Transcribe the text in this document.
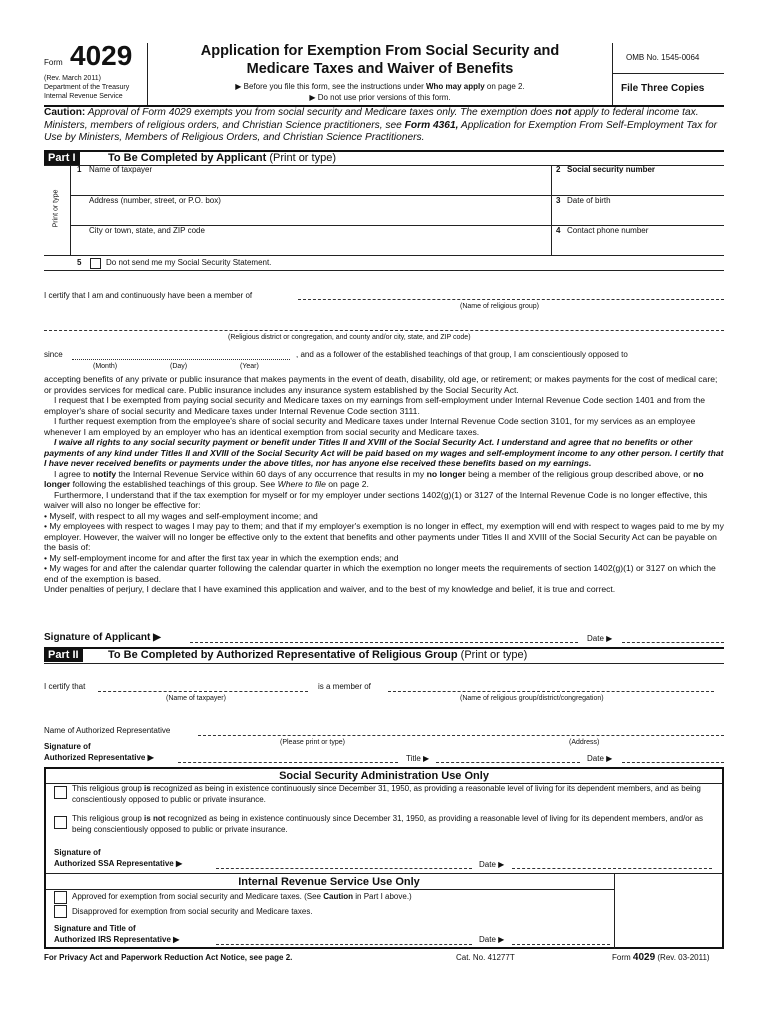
Form 4029
(Rev. March 2011)
Department of the Treasury
Internal Revenue Service
Application for Exemption From Social Security and
Medicare Taxes and Waiver of Benefits
▶ Before you file this form, see the instructions under Who may apply on page 2.
▶ Do not use prior versions of this form.
OMB No. 1545-0064
File Three Copies
Caution: Approval of Form 4029 exempts you from social security and Medicare taxes only. The exemption does not apply to federal income tax. Ministers, members of religious orders, and Christian Science practitioners, see Form 4361, Application for Exemption From Self-Employment Tax for Use by Ministers, Members of Religious Orders, and Christian Science Practitioners.
Part I	To Be Completed by Applicant (Print or type)
Print or type
1 Name of taxpayer	2 Social security number
Address (number, street, or P.O. box)	3 Date of birth
City or town, state, and ZIP code	4 Contact phone number
5	Do not send me my Social Security Statement.
I certify that I am and continuously have been a member of
(Name of religious group)
(Religious district or congregation, and county and/or city, state, and ZIP code)
since	, and as a follower of the established teachings of that group, I am conscientiously opposed to
(Month)	(Day)	(Year)
accepting benefits of any private or public insurance that makes payments in the event of death, disability, old age, or retirement; or makes payments for the cost of medical care; or provides services for medical care. Public insurance includes any insurance system established by the Social Security Act.
I request that I be exempted from paying social security and Medicare taxes on my earnings from self-employment under Internal Revenue Code section 1401 and from the employer's share of social security and Medicare taxes under Internal Revenue Code section 3111.
I further request exemption from the employee's share of social security and Medicare taxes under Internal Revenue Code section 3101, for my services as an employee whenever I am employed by an employer who has an identical exemption from social security and Medicare taxes.
I waive all rights to any social security payment or benefit under Titles II and XVIII of the Social Security Act. I understand and agree that no benefits or other payments of any kind under Titles II and XVIII of the Social Security Act will be paid based on my wages and self-employment income to any other person. I certify that I have never received benefits or payments under the above titles, nor has anyone else received these benefits based on my earnings.
I agree to notify the Internal Revenue Service within 60 days of any occurrence that results in my no longer being a member of the religious group described above, or no longer following the established teachings of this group. See Where to file on page 2.
Furthermore, I understand that if the tax exemption for myself or for my employer under sections 1402(g)(1) or 3127 of the Internal Revenue Code is no longer effective, this waiver will also no longer be effective for:
• Myself, with respect to all my wages and self-employment income; and
• My employees with respect to wages I may pay to them; and that if my employer's exemption is no longer in effect, my exemption will end with respect to wages paid to me by my employer. However, the waiver will no longer be effective only to the extent that benefits and other payments under Titles II and XVIII of the Social Security Act can be payable on the basis of:
• My self-employment income for and after the first tax year in which the exemption ends; and
• My wages for and after the calendar quarter following the calendar quarter in which the exemption no longer meets the requirements of section 1402(g)(1) or 3127 on which the end of the exemption is based.
Under penalties of perjury, I declare that I have examined this application and waiver, and to the best of my knowledge and belief, it is true and correct.
Signature of Applicant ▶	Date ▶
Part II	To Be Completed by Authorized Representative of Religious Group (Print or type)
I certify that	is a member of
(Name of taxpayer)	(Name of religious group/district/congregation)
Name of Authorized Representative
(Please print or type)	(Address)
Signature of
Authorized Representative ▶	Title ▶	Date ▶
Social Security Administration Use Only
This religious group is recognized as being in existence continuously since December 31, 1950, as providing a reasonable level of living for its dependent members, and as being conscientiously opposed to public or private insurance.
This religious group is not recognized as being in existence continuously since December 31, 1950, as providing a reasonable level of living for its dependent members, and/or as being conscientiously opposed to public or private insurance.
Signature of
Authorized SSA Representative ▶	Date ▶
Internal Revenue Service Use Only
Approved for exemption from social security and Medicare taxes. (See Caution in Part I above.)
Disapproved for exemption from social security and Medicare taxes.
Signature and Title of
Authorized IRS Representative ▶	Date ▶
For Privacy Act and Paperwork Reduction Act Notice, see page 2.	Cat. No. 41277T	Form 4029 (Rev. 03-2011)
